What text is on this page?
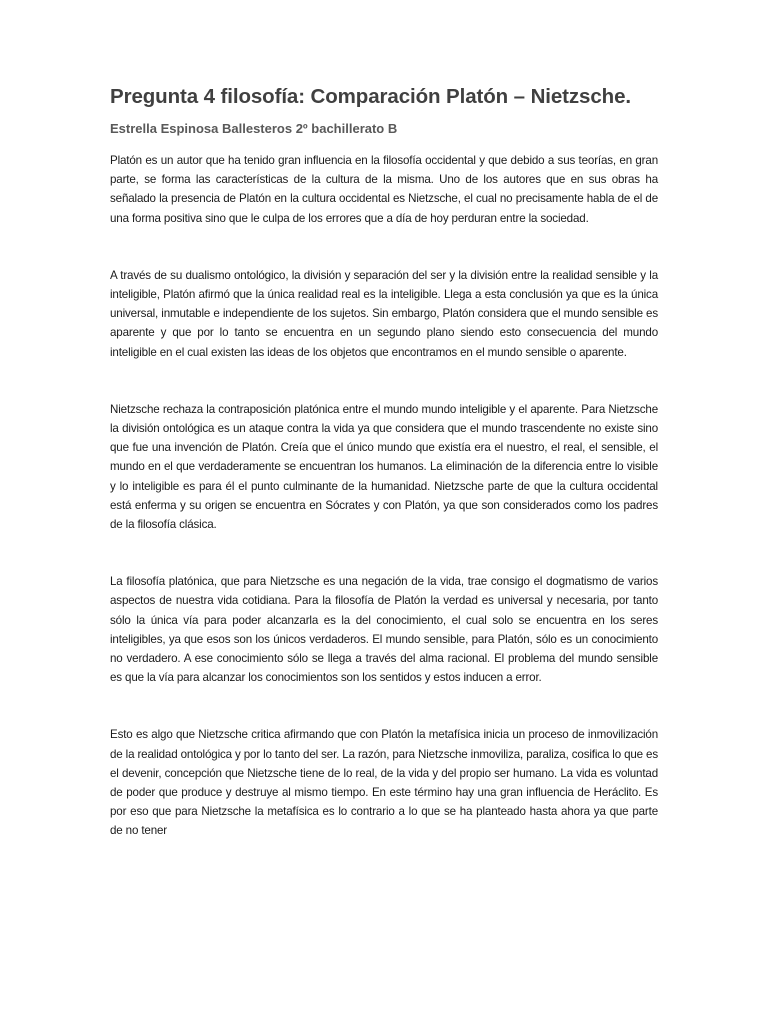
Pregunta 4 filosofía: Comparación Platón – Nietzsche.

Estrella Espinosa Ballesteros 2º bachillerato B

Platón es un autor que ha tenido gran influencia en la filosofía occidental y que debido a sus teorías, en gran parte, se forma las características de la cultura de la misma. Uno de los autores que en sus obras ha señalado la presencia de Platón en la cultura occidental es Nietzsche, el cual no precisamente habla de el de una forma positiva sino que le culpa de los errores que a día de hoy perduran entre la sociedad.

A través de su dualismo ontológico, la división y separación del ser y la división entre la realidad sensible y la inteligible, Platón afirmó que la única realidad real es la inteligible. Llega a esta conclusión ya que es la única universal, inmutable e independiente de los sujetos. Sin embargo, Platón considera que el mundo sensible es aparente y que por lo tanto se encuentra en un segundo plano siendo esto consecuencia del mundo inteligible en el cual existen las ideas de los objetos que encontramos en el mundo sensible o aparente.

Nietzsche rechaza la contraposición platónica entre el mundo mundo inteligible y el aparente. Para Nietzsche la división ontológica es un ataque contra la vida ya que considera que el mundo trascendente no existe sino que fue una invención de Platón. Creía que el único mundo que existía era el nuestro, el real, el sensible, el mundo en el que verdaderamente se encuentran los humanos. La eliminación de la diferencia entre lo visible y lo inteligible es para él el punto culminante de la humanidad. Nietzsche parte de que la cultura occidental está enferma y su origen se encuentra en Sócrates y con Platón, ya que son considerados como los padres de la filosofía clásica.

La filosofía platónica, que para Nietzsche es una negación de la vida, trae consigo el dogmatismo de varios aspectos de nuestra vida cotidiana. Para la filosofía de Platón la verdad es universal y necesaria, por tanto sólo la única vía para poder alcanzarla es la del conocimiento, el cual solo se encuentra en los seres inteligibles, ya que esos son los únicos verdaderos. El mundo sensible, para Platón, sólo es un conocimiento no verdadero. A ese conocimiento sólo se llega a través del alma racional. El problema del mundo sensible es que la vía para alcanzar los conocimientos son los sentidos y estos inducen a error.

Esto es algo que Nietzsche critica afirmando que con Platón la metafísica inicia un proceso de inmovilización de la realidad ontológica y por lo tanto del ser. La razón, para Nietzsche inmoviliza, paraliza, cosifica lo que es el devenir, concepción que Nietzsche tiene de lo real, de la vida y del propio ser humano. La vida es voluntad de poder que produce y destruye al mismo tiempo. En este término hay una gran influencia de Heráclito. Es por eso que para Nietzsche la metafísica es lo contrario a lo que se ha planteado hasta ahora ya que parte de no tener
